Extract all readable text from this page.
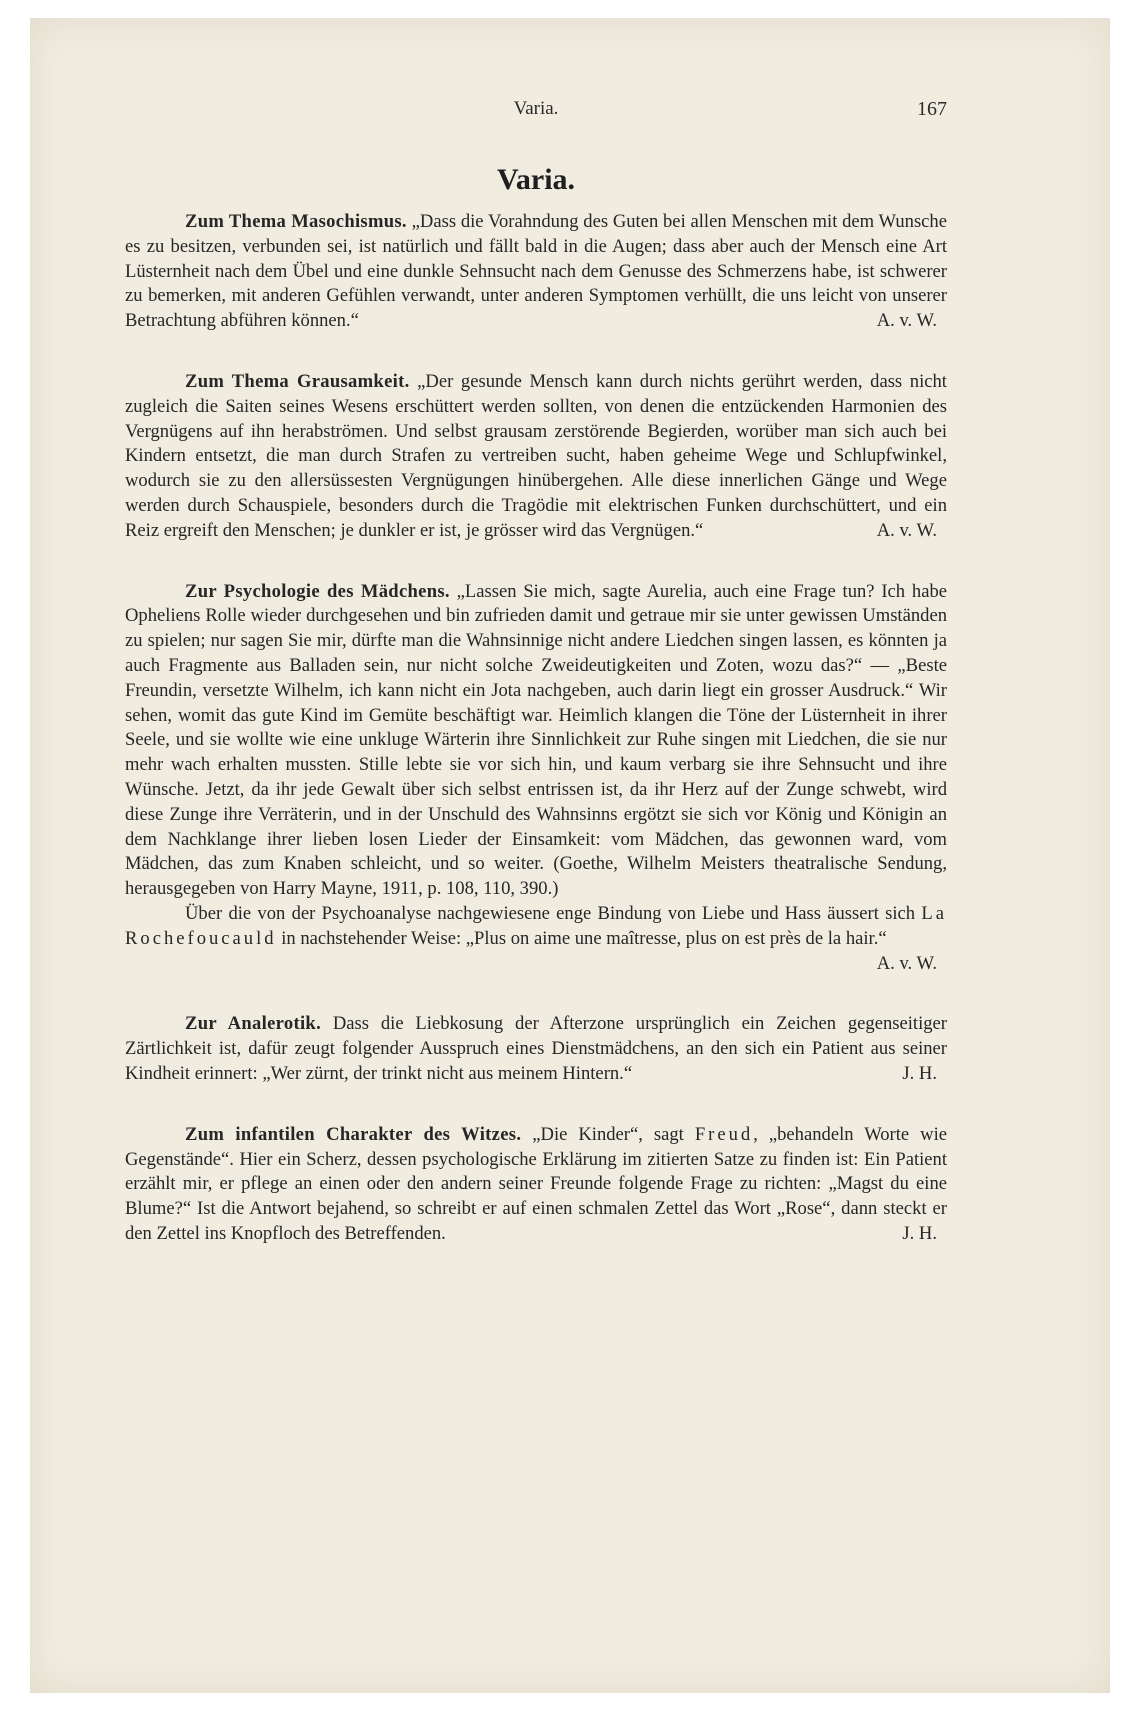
Varia.	167
Varia.

Zum Thema Masochismus. „Dass die Vorahndung des Guten bei allen Menschen mit dem Wunsche es zu besitzen, verbunden sei, ist natürlich und fällt bald in die Augen; dass aber auch der Mensch eine Art Lüsternheit nach dem Übel und eine dunkle Sehnsucht nach dem Genusse des Schmerzens habe, ist schwerer zu bemerken, mit anderen Gefühlen verwandt, unter anderen Symptomen verhüllt, die uns leicht von unserer Betrachtung abführen können.“	A. v. W.

Zum Thema Grausamkeit. „Der gesunde Mensch kann durch nichts gerührt werden, dass nicht zugleich die Saiten seines Wesens erschüttert werden sollten, von denen die entzückenden Harmonien des Vergnügens auf ihn herabströmen. Und selbst grausam zerstörende Begierden, worüber man sich auch bei Kindern entsetzt, die man durch Strafen zu vertreiben sucht, haben geheime Wege und Schlupfwinkel, wodurch sie zu den allersüssesten Vergnügungen hinübergehen. Alle diese innerlichen Gänge und Wege werden durch Schauspiele, besonders durch die Tragödie mit elektrischen Funken durchschüttert, und ein Reiz ergreift den Menschen; je dunkler er ist, je grösser wird das Vergnügen.“	A. v. W.

Zur Psychologie des Mädchens. „Lassen Sie mich, sagte Aurelia, auch eine Frage tun? Ich habe Opheliens Rolle wieder durchgesehen und bin zufrieden damit und getraue mir sie unter gewissen Umständen zu spielen; nur sagen Sie mir, dürfte man die Wahnsinnige nicht andere Liedchen singen lassen, es könnten ja auch Fragmente aus Balladen sein, nur nicht solche Zweideutigkeiten und Zoten, wozu das?“ — „Beste Freundin, versetzte Wilhelm, ich kann nicht ein Jota nachgeben, auch darin liegt ein grosser Ausdruck.“ Wir sehen, womit das gute Kind im Gemüte beschäftigt war. Heimlich klangen die Töne der Lüsternheit in ihrer Seele, und sie wollte wie eine unkluge Wärterin ihre Sinnlichkeit zur Ruhe singen mit Liedchen, die sie nur mehr wach erhalten mussten. Stille lebte sie vor sich hin, und kaum verbarg sie ihre Sehnsucht und ihre Wünsche. Jetzt, da ihr jede Gewalt über sich selbst entrissen ist, da ihr Herz auf der Zunge schwebt, wird diese Zunge ihre Verräterin, und in der Unschuld des Wahnsinns ergötzt sie sich vor König und Königin an dem Nachklange ihrer lieben losen Lieder der Einsamkeit: vom Mädchen, das gewonnen ward, vom Mädchen, das zum Knaben schleicht, und so weiter. (Goethe, Wilhelm Meisters theatralische Sendung, herausgegeben von Harry Mayne, 1911, p. 108, 110, 390.)

Über die von der Psychoanalyse nachgewiesene enge Bindung von Liebe und Hass äussert sich La Rochefoucauld in nachstehender Weise: „Plus on aime une maîtresse, plus on est près de la hair.“
A. v. W.

Zur Analerotik. Dass die Liebkosung der Afterzone ursprünglich ein Zeichen gegenseitiger Zärtlichkeit ist, dafür zeugt folgender Ausspruch eines Dienstmädchens, an den sich ein Patient aus seiner Kindheit erinnert: „Wer zürnt, der trinkt nicht aus meinem Hintern.“	J. H.

Zum infantilen Charakter des Witzes. „Die Kinder“, sagt Freud, „behandeln Worte wie Gegenstände“. Hier ein Scherz, dessen psychologische Erklärung im zitierten Satze zu finden ist: Ein Patient erzählt mir, er pflege an einen oder den andern seiner Freunde folgende Frage zu richten: „Magst du eine Blume?“ Ist die Antwort bejahend, so schreibt er auf einen schmalen Zettel das Wort „Rose“, dann steckt er den Zettel ins Knopfloch des Betreffenden.	J. H.
